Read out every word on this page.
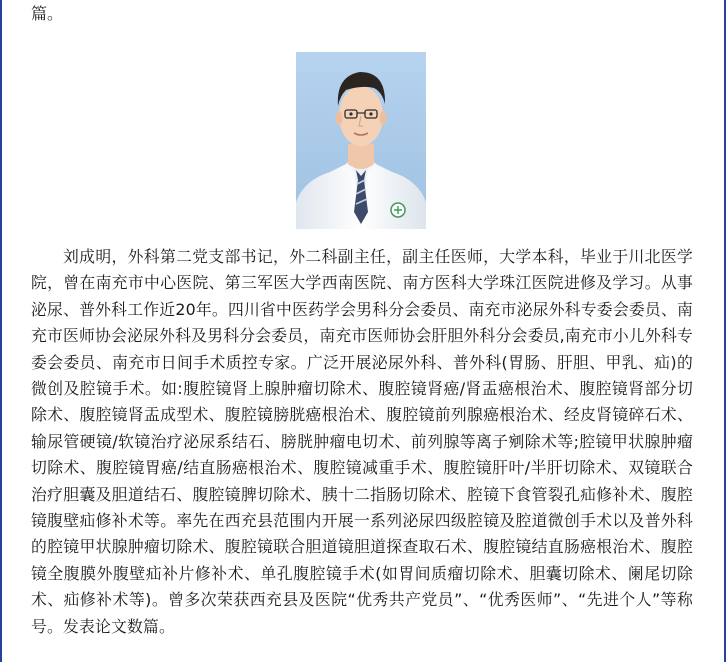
篇。

刘成明，外科第二党支部书记，外二科副主任，副主任医师，大学本科，毕业于川北医学院，曾在南充市中心医院、第三军医大学西南医院、南方医科大学珠江医院进修及学习。从事泌尿、普外科工作近20年。四川省中医药学会男科分会委员、南充市泌尿外科专委会委员、南充市医师协会泌尿外科及男科分会委员，南充市医师协会肝胆外科分会委员,南充市小儿外科专委会委员、南充市日间手术质控专家。广泛开展泌尿外科、普外科(胃肠、肝胆、甲乳、疝)的微创及腔镜手术。如:腹腔镜肾上腺肿瘤切除术、腹腔镜肾癌/肾盂癌根治术、腹腔镜肾部分切除术、腹腔镜肾盂成型术、腹腔镜膀胱癌根治术、腹腔镜前列腺癌根治术、经皮肾镜碎石术、输尿管硬镜/软镜治疗泌尿系结石、膀胱肿瘤电切术、前列腺等离子剜除术等;腔镜甲状腺肿瘤切除术、腹腔镜胃癌/结直肠癌根治术、腹腔镜减重手术、腹腔镜肝叶/半肝切除术、双镜联合治疗胆囊及胆道结石、腹腔镜脾切除术、胰十二指肠切除术、腔镜下食管裂孔疝修补术、腹腔镜腹壁疝修补术等。率先在西充县范围内开展一系列泌尿四级腔镜及腔道微创手术以及普外科的腔镜甲状腺肿瘤切除术、腹腔镜联合胆道镜胆道探查取石术、腹腔镜结直肠癌根治术、腹腔镜全腹膜外腹壁疝补片修补术、单孔腹腔镜手术(如胃间质瘤切除术、胆囊切除术、阑尾切除术、疝修补术等)。曾多次荣获西充县及医院“优秀共产党员”、“优秀医师”、“先进个人”等称号。发表论文数篇。
